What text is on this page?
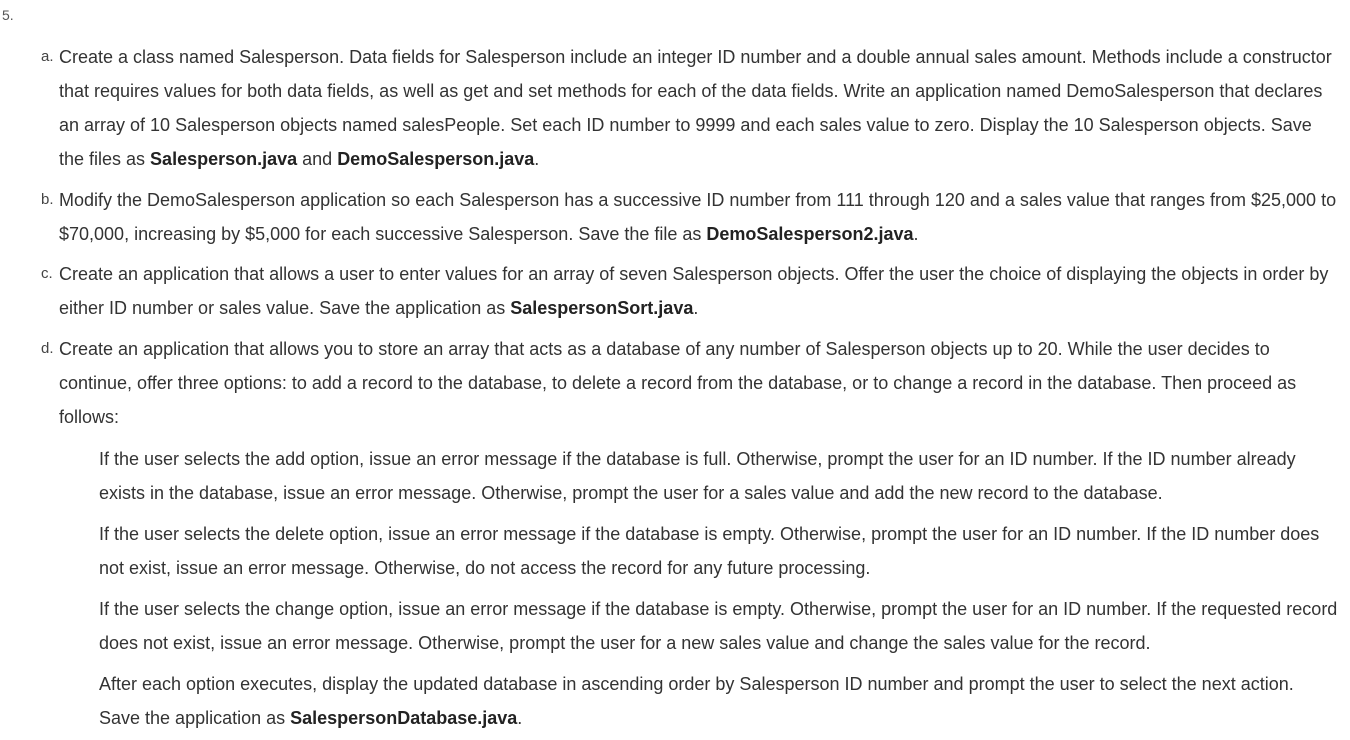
5.
a. Create a class named Salesperson. Data fields for Salesperson include an integer ID number and a double annual sales amount. Methods include a constructor that requires values for both data fields, as well as get and set methods for each of the data fields. Write an application named DemoSalesperson that declares an array of 10 Salesperson objects named salesPeople. Set each ID number to 9999 and each sales value to zero. Display the 10 Salesperson objects. Save the files as Salesperson.java and DemoSalesperson.java.
b. Modify the DemoSalesperson application so each Salesperson has a successive ID number from 111 through 120 and a sales value that ranges from $25,000 to $70,000, increasing by $5,000 for each successive Salesperson. Save the file as DemoSalesperson2.java.
c. Create an application that allows a user to enter values for an array of seven Salesperson objects. Offer the user the choice of displaying the objects in order by either ID number or sales value. Save the application as SalespersonSort.java.
d. Create an application that allows you to store an array that acts as a database of any number of Salesperson objects up to 20. While the user decides to continue, offer three options: to add a record to the database, to delete a record from the database, or to change a record in the database. Then proceed as follows:
If the user selects the add option, issue an error message if the database is full. Otherwise, prompt the user for an ID number. If the ID number already exists in the database, issue an error message. Otherwise, prompt the user for a sales value and add the new record to the database.
If the user selects the delete option, issue an error message if the database is empty. Otherwise, prompt the user for an ID number. If the ID number does not exist, issue an error message. Otherwise, do not access the record for any future processing.
If the user selects the change option, issue an error message if the database is empty. Otherwise, prompt the user for an ID number. If the requested record does not exist, issue an error message. Otherwise, prompt the user for a new sales value and change the sales value for the record.
After each option executes, display the updated database in ascending order by Salesperson ID number and prompt the user to select the next action. Save the application as SalespersonDatabase.java.
